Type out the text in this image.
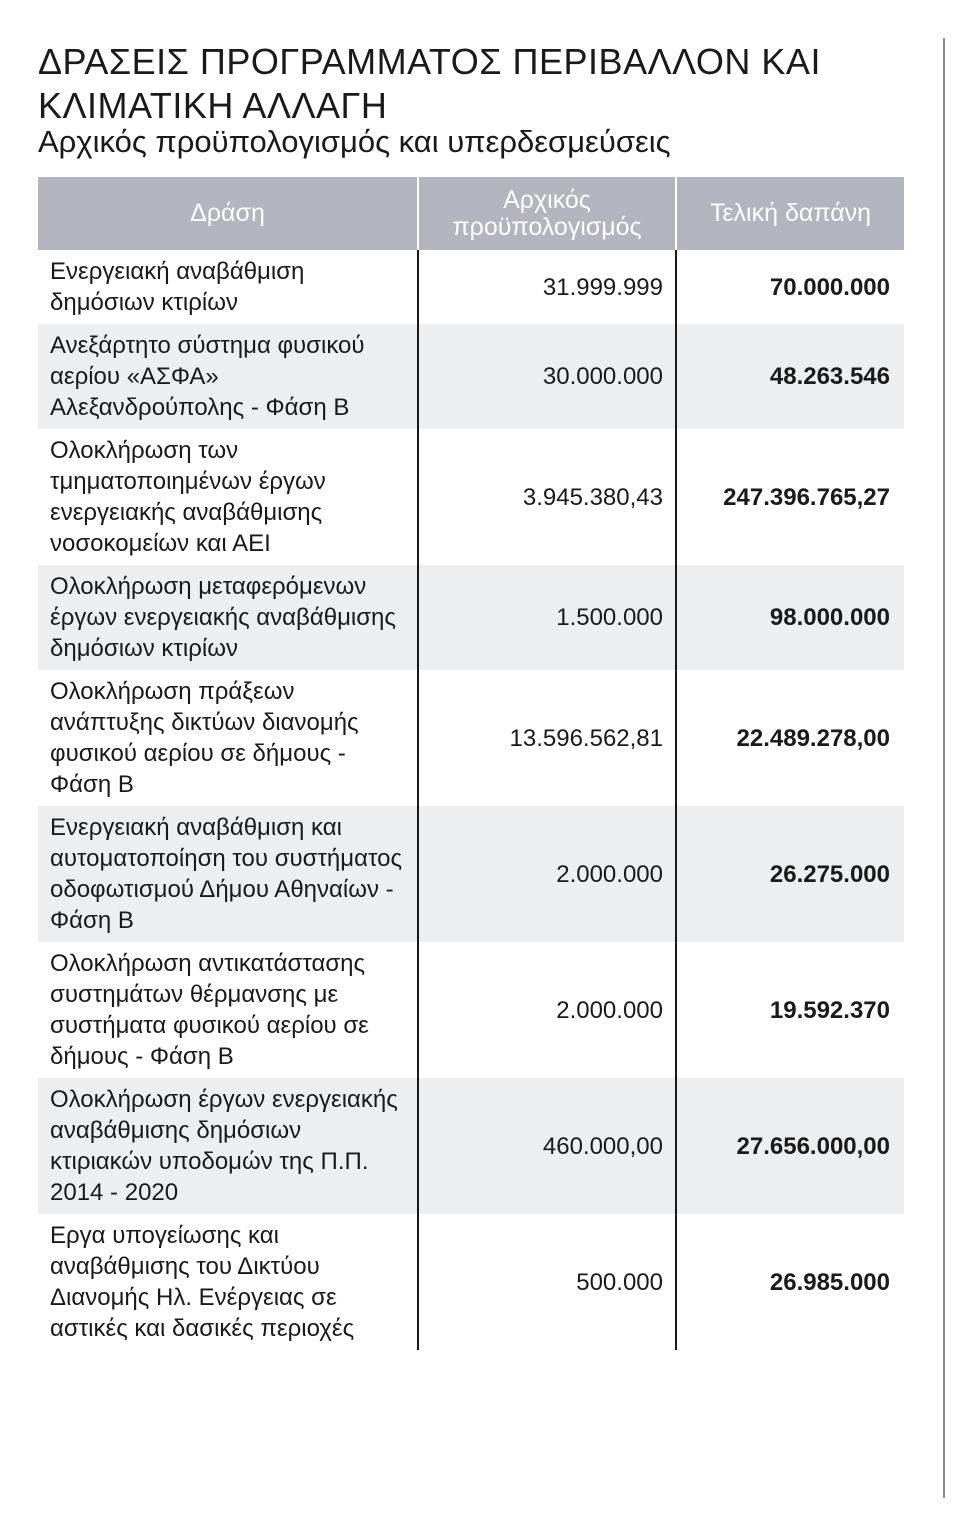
ΔΡΑΣΕΙΣ ΠΡΟΓΡΑΜΜΑΤΟΣ ΠΕΡΙΒΑΛΛΟΝ ΚΑΙ ΚΛΙΜΑΤΙΚΗ ΑΛΛΑΓΗ
Αρχικός προϋπολογισμός και υπερδεσμεύσεις
Δράση	Αρχικός προϋπολογισμός	Τελική δαπάνη
Ενεργειακή αναβάθμιση δημόσιων κτιρίων	31.999.999	70.000.000
Ανεξάρτητο σύστημα φυσικού αερίου «ΑΣΦΑ» Αλεξανδρούπολης - Φάση Β	30.000.000	48.263.546
Ολοκλήρωση των τμηματοποιημένων έργων ενεργειακής αναβάθμισης νοσοκομείων και ΑΕΙ	3.945.380,43	247.396.765,27
Ολοκλήρωση μεταφερόμενων έργων ενεργειακής αναβάθμισης δημόσιων κτιρίων	1.500.000	98.000.000
Ολοκλήρωση πράξεων ανάπτυξης δικτύων διανομής φυσικού αερίου σε δήμους - Φάση Β	13.596.562,81	22.489.278,00
Ενεργειακή αναβάθμιση και αυτοματοποίηση του συστήματος οδοφωτισμού Δήμου Αθηναίων - Φάση Β	2.000.000	26.275.000
Ολοκλήρωση αντικατάστασης συστημάτων θέρμανσης με συστήματα φυσικού αερίου σε δήμους - Φάση Β	2.000.000	19.592.370
Ολοκλήρωση έργων ενεργειακής αναβάθμισης δημόσιων κτιριακών υποδομών της Π.Π. 2014 - 2020	460.000,00	27.656.000,00
Εργα υπογείωσης και αναβάθμισης του Δικτύου Διανομής Ηλ. Ενέργειας σε αστικές και δασικές περιοχές	500.000	26.985.000
